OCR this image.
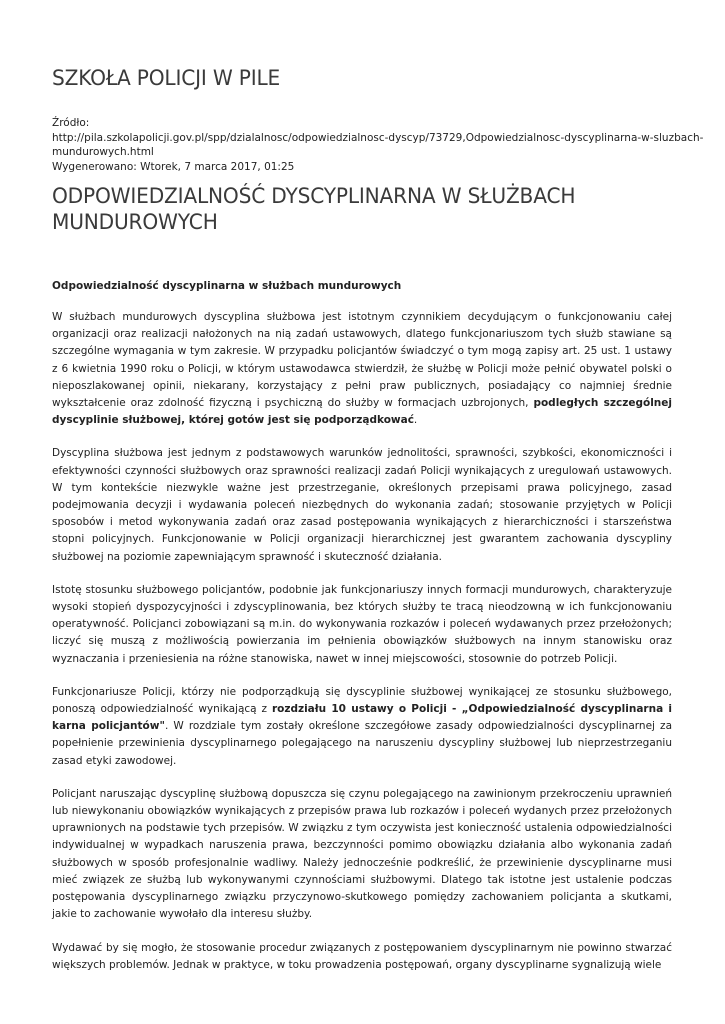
SZKOŁA POLICJI W PILE
Źródło:
http://pila.szkolapolicji.gov.pl/spp/dzialalnosc/odpowiedzialnosc-dyscyp/73729,Odpowiedzialnosc-dyscyplinarna-w-sluzbach-
mundurowych.html
Wygenerowano: Wtorek, 7 marca 2017, 01:25
ODPOWIEDZIALNOŚĆ DYSCYPLINARNA W SŁUŻBACH
MUNDUROWYCH
Odpowiedzialność dyscyplinarna w służbach mundurowych

W służbach mundurowych dyscyplina służbowa jest istotnym czynnikiem decydującym o funkcjonowaniu całej organizacji oraz realizacji nałożonych na nią zadań ustawowych, dlatego funkcjonariuszom tych służb stawiane są szczególne wymagania w tym zakresie. W przypadku policjantów świadczyć o tym mogą zapisy art. 25 ust. 1 ustawy z 6 kwietnia 1990 roku o Policji, w którym ustawodawca stwierdził, że służbę w Policji może pełnić obywatel polski o nieposzlakowanej opinii, niekarany, korzystający z pełni praw publicznych, posiadający co najmniej średnie wykształcenie oraz zdolność fizyczną i psychiczną do służby w formacjach uzbrojonych, podległych szczególnej dyscyplinie służbowej, której gotów jest się podporządkować.

Dyscyplina służbowa jest jednym z podstawowych warunków jednolitości, sprawności, szybkości, ekonomiczności i efektywności czynności służbowych oraz sprawności realizacji zadań Policji wynikających z uregulowań ustawowych. W tym kontekście niezwykle ważne jest przestrzeganie, określonych przepisami prawa policyjnego, zasad podejmowania decyzji i wydawania poleceń niezbędnych do wykonania zadań; stosowanie przyjętych w Policji sposobów i metod wykonywania zadań oraz zasad postępowania wynikających z hierarchiczności i starszeństwa stopni policyjnych. Funkcjonowanie w Policji organizacji hierarchicznej jest gwarantem zachowania dyscypliny służbowej na poziomie zapewniającym sprawność i skuteczność działania.

Istotę stosunku służbowego policjantów, podobnie jak funkcjonariuszy innych formacji mundurowych, charakteryzuje wysoki stopień dyspozycyjności i zdyscyplinowania, bez których służby te tracą nieodzowną w ich funkcjonowaniu operatywność. Policjanci zobowiązani są m.in. do wykonywania rozkazów i poleceń wydawanych przez przełożonych; liczyć się muszą z możliwością powierzania im pełnienia obowiązków służbowych na innym stanowisku oraz wyznaczania i przeniesienia na różne stanowiska, nawet w innej miejscowości, stosownie do potrzeb Policji.

Funkcjonariusze Policji, którzy nie podporządkują się dyscyplinie służbowej wynikającej ze stosunku służbowego, ponoszą odpowiedzialność wynikającą z rozdziału 10 ustawy o Policji - „Odpowiedzialność dyscyplinarna i karna policjantów". W rozdziale tym zostały określone szczegółowe zasady odpowiedzialności dyscyplinarnej za popełnienie przewinienia dyscyplinarnego polegającego na naruszeniu dyscypliny służbowej lub nieprzestrzeganiu zasad etyki zawodowej.

Policjant naruszając dyscyplinę służbową dopuszcza się czynu polegającego na zawinionym przekroczeniu uprawnień lub niewykonaniu obowiązków wynikających z przepisów prawa lub rozkazów i poleceń wydanych przez przełożonych uprawnionych na podstawie tych przepisów. W związku z tym oczywista jest konieczność ustalenia odpowiedzialności indywidualnej w wypadkach naruszenia prawa, bezczynności pomimo obowiązku działania albo wykonania zadań służbowych w sposób profesjonalnie wadliwy. Należy jednocześnie podkreślić, że przewinienie dyscyplinarne musi mieć związek ze służbą lub wykonywanymi czynnościami służbowymi. Dlatego tak istotne jest ustalenie podczas postępowania dyscyplinarnego związku przyczynowo-skutkowego pomiędzy zachowaniem policjanta a skutkami, jakie to zachowanie wywołało dla interesu służby.

Wydawać by się mogło, że stosowanie procedur związanych z postępowaniem dyscyplinarnym nie powinno stwarzać większych problemów. Jednak w praktyce, w toku prowadzenia postępowań, organy dyscyplinarne sygnalizują wiele
